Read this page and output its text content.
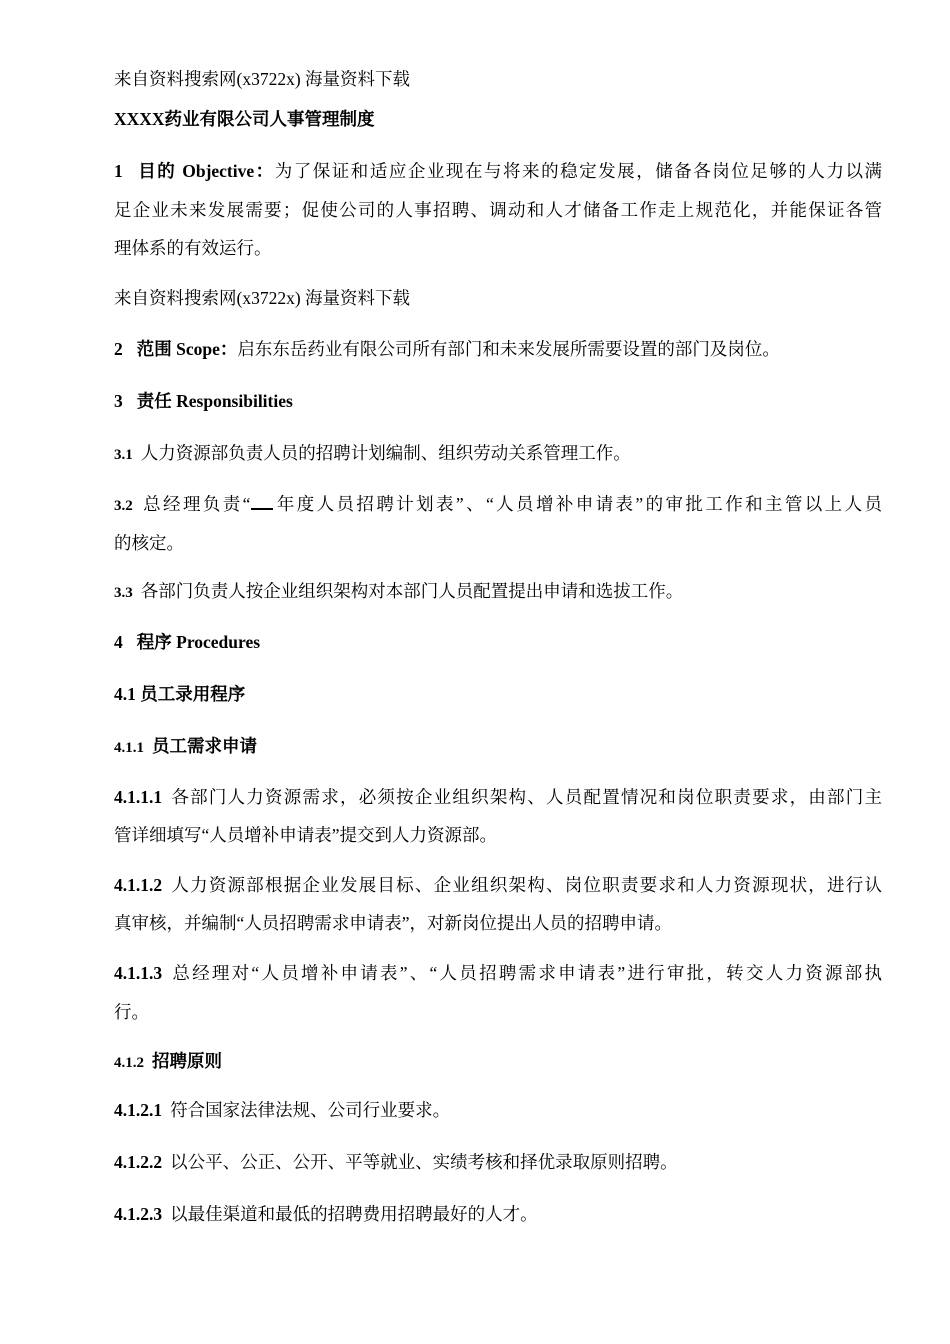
来自资料搜索网(x3722x) 海量资料下载
XXXX药业有限公司人事管理制度
1 目的 Objective：为了保证和适应企业现在与将来的稳定发展，储备各岗位足够的人力以满
足企业未来发展需要；促使公司的人事招聘、调动和人才储备工作走上规范化，并能保证各管
理体系的有效运行。
来自资料搜索网(x3722x) 海量资料下载
2 范围 Scope：启东东岳药业有限公司所有部门和未来发展所需要设置的部门及岗位。
3 责任 Responsibilities
3.1 人力资源部负责人员的招聘计划编制、组织劳动关系管理工作。
3.2 总经理负责“ 年度人员招聘计划表”、“人员增补申请表”的审批工作和主管以上人员
的核定。
3.3 各部门负责人按企业组织架构对本部门人员配置提出申请和选拔工作。
4 程序 Procedures
4.1 员工录用程序
4.1.1 员工需求申请
4.1.1.1 各部门人力资源需求，必须按企业组织架构、人员配置情况和岗位职责要求，由部门主
管详细填写“人员增补申请表”提交到人力资源部。
4.1.1.2 人力资源部根据企业发展目标、企业组织架构、岗位职责要求和人力资源现状，进行认
真审核，并编制“人员招聘需求申请表”，对新岗位提出人员的招聘申请。
4.1.1.3 总经理对“人员增补申请表”、“人员招聘需求申请表”进行审批，转交人力资源部执
行。
4.1.2 招聘原则
4.1.2.1 符合国家法律法规、公司行业要求。
4.1.2.2 以公平、公正、公开、平等就业、实绩考核和择优录取原则招聘。
4.1.2.3 以最佳渠道和最低的招聘费用招聘最好的人才。
